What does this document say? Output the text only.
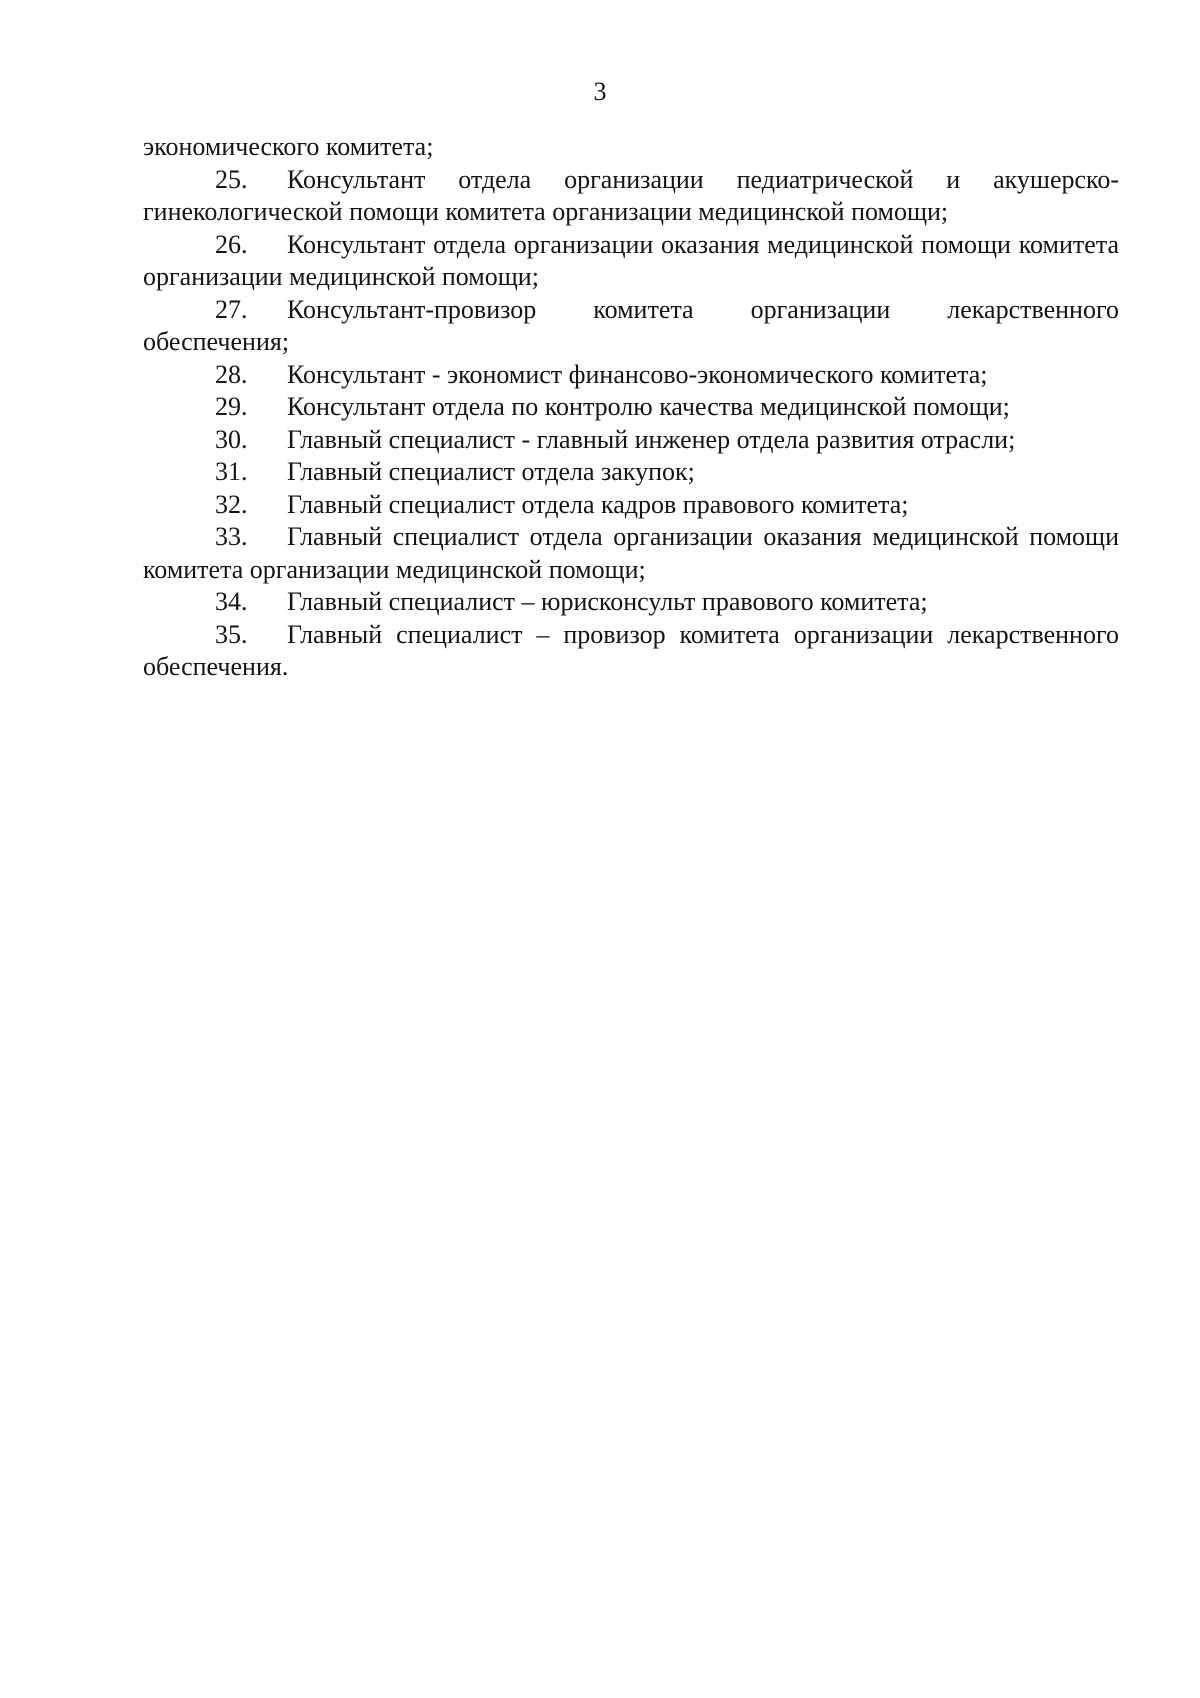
3

экономического комитета;

25. Консультант отдела организации педиатрической и акушерско-гинекологической помощи комитета организации медицинской помощи;

26. Консультант отдела организации оказания медицинской помощи комитета организации медицинской помощи;

27. Консультант-провизор комитета организации лекарственного обеспечения;

28. Консультант - экономист финансово-экономического комитета;

29. Консультант отдела по контролю качества медицинской помощи;

30. Главный специалист - главный инженер отдела развития отрасли;

31. Главный специалист отдела закупок;

32. Главный специалист отдела кадров правового комитета;

33. Главный специалист отдела организации оказания медицинской помощи комитета организации медицинской помощи;

34. Главный специалист – юрисконсульт правового комитета;

35. Главный специалист – провизор комитета организации лекарственного обеспечения.
